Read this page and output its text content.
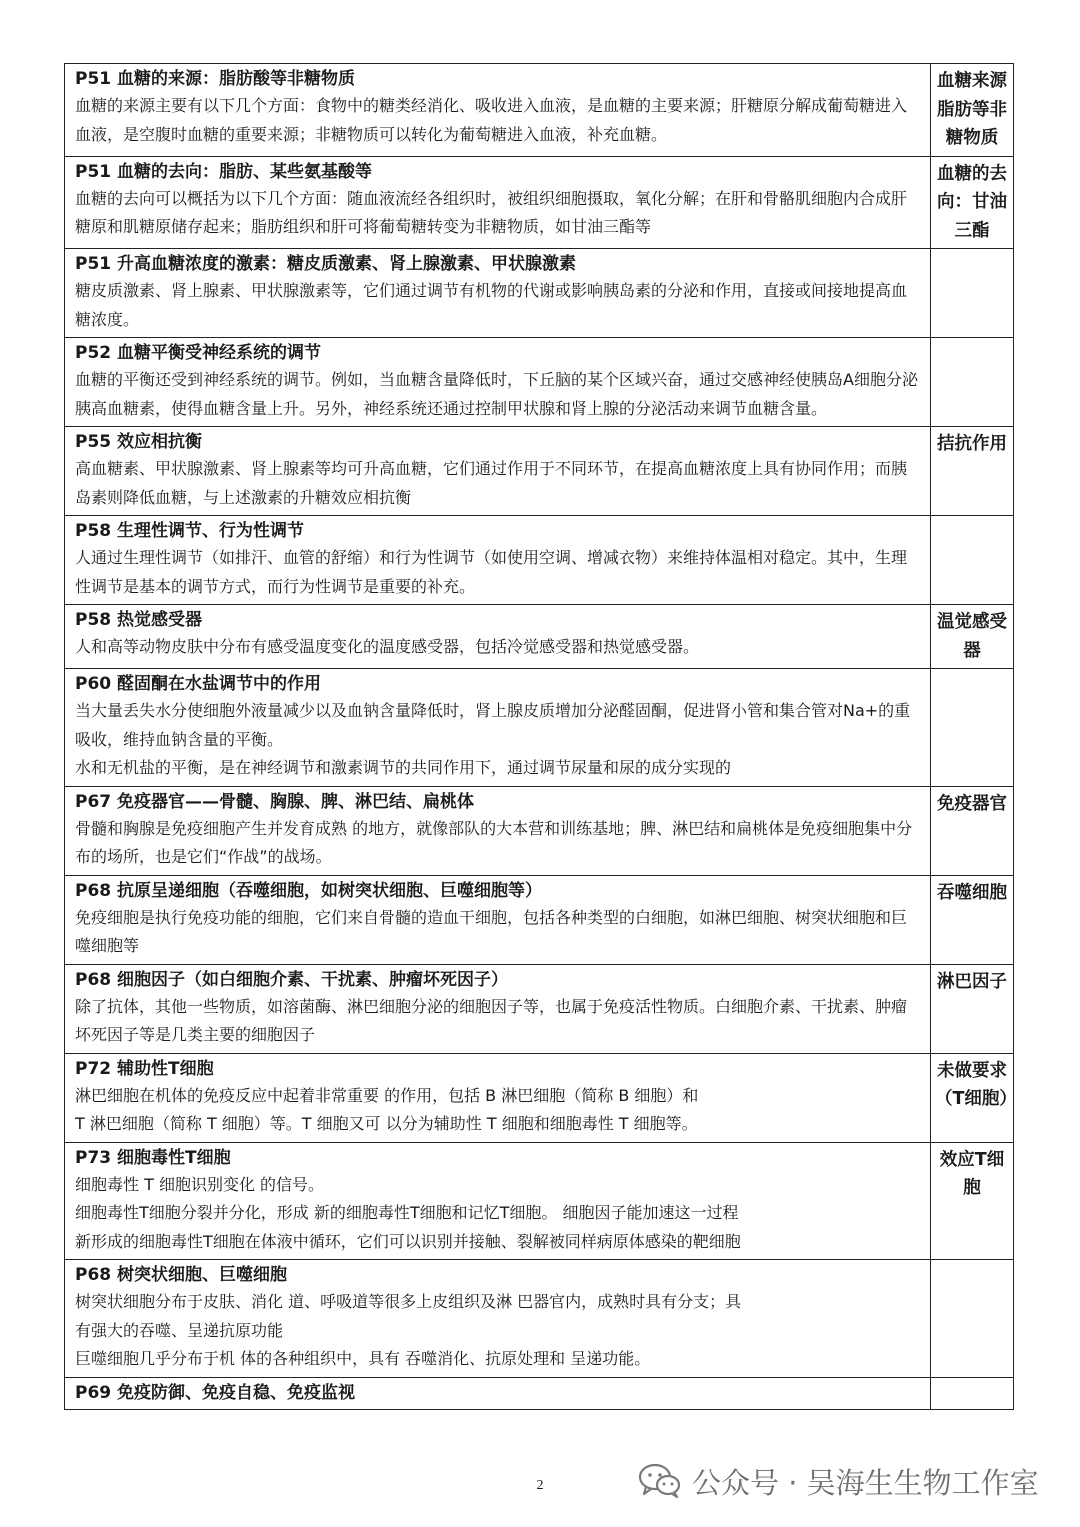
P51 血糖的来源：脂肪酸等非糖物质

血糖的来源主要有以下几个方面：食物中的糖类经消化、吸收进入血液，是血糖的主要来源；肝糖原分解成葡萄糖进入血液，是空腹时血糖的重要来源；非糖物质可以转化为葡萄糖进入血液，补充血糖。	血糖来源脂肪等非糖物质

P51 血糖的去向：脂肪、某些氨基酸等

血糖的去向可以概括为以下几个方面：随血液流经各组织时，被组织细胞摄取，氧化分解；在肝和骨骼肌细胞内合成肝糖原和肌糖原储存起来；脂肪组织和肝可将葡萄糖转变为非糖物质，如甘油三酯等	血糖的去向：甘油三酯

P51 升高血糖浓度的激素：糖皮质激素、肾上腺激素、甲状腺激素

糖皮质激素、肾上腺素、甲状腺激素等，它们通过调节有机物的代谢或影响胰岛素的分泌和作用，直接或间接地提高血糖浓度。	

P52 血糖平衡受神经系统的调节

血糖的平衡还受到神经系统的调节。例如，当血糖含量降低时，下丘脑的某个区域兴奋，通过交感神经使胰岛A细胞分泌胰高血糖素，使得血糖含量上升。另外，神经系统还通过控制甲状腺和肾上腺的分泌活动来调节血糖含量。	

P55 效应相抗衡

高血糖素、甲状腺激素、肾上腺素等均可升高血糖，它们通过作用于不同环节，在提高血糖浓度上具有协同作用；而胰岛素则降低血糖，与上述激素的升糖效应相抗衡	拮抗作用

P58 生理性调节、行为性调节

人通过生理性调节（如排汗、血管的舒缩）和行为性调节（如使用空调、增减衣物）来维持体温相对稳定。其中，生理性调节是基本的调节方式，而行为性调节是重要的补充。	

P58 热觉感受器

人和高等动物皮肤中分布有感受温度变化的温度感受器，包括冷觉感受器和热觉感受器。	温觉感受器

P60 醛固酮在水盐调节中的作用

当大量丢失水分使细胞外液量减少以及血钠含量降低时，肾上腺皮质增加分泌醛固酮，促进肾小管和集合管对Na+的重吸收，维持血钠含量的平衡。

水和无机盐的平衡，是在神经调节和激素调节的共同作用下，通过调节尿量和尿的成分实现的	

P67 免疫器官——骨髓、胸腺、脾、淋巴结、扁桃体

骨髓和胸腺是免疫细胞产生并发育成熟 的地方，就像部队的大本营和训练基地；脾、淋巴结和扁桃体是免疫细胞集中分布的场所，也是它们“作战”的战场。	免疫器官

P68 抗原呈递细胞（吞噬细胞，如树突状细胞、巨噬细胞等）

免疫细胞是执行免疫功能的细胞，它们来自骨髓的造血干细胞，包括各种类型的白细胞，如淋巴细胞、树突状细胞和巨噬细胞等	吞噬细胞

P68 细胞因子（如白细胞介素、干扰素、肿瘤坏死因子）

除了抗体，其他一些物质，如溶菌酶、淋巴细胞分泌的细胞因子等，也属于免疫活性物质。白细胞介素、干扰素、肿瘤坏死因子等是几类主要的细胞因子	淋巴因子

P72 辅助性T细胞

淋巴细胞在机体的免疫反应中起着非常重要 的作用，包括 B 淋巴细胞（简称 B 细胞）和

T 淋巴细胞（简称 T 细胞）等。T 细胞又可 以分为辅助性 T 细胞和细胞毒性 T 细胞等。	未做要求（T细胞）

P73 细胞毒性T细胞

细胞毒性 T 细胞识别变化 的信号。

细胞毒性T细胞分裂并分化，形成 新的细胞毒性T细胞和记忆T细胞。 细胞因子能加速这一过程

新形成的细胞毒性T细胞在体液中循环，它们可以识别并接触、裂解被同样病原体感染的靶细胞	效应T细胞

P68 树突状细胞、巨噬细胞

树突状细胞分布于皮肤、消化 道、呼吸道等很多上皮组织及淋 巴器官内，成熟时具有分支；具

有强大的吞噬、呈递抗原功能

巨噬细胞几乎分布于机 体的各种组织中，具有 吞噬消化、抗原处理和 呈递功能。	

P69 免疫防御、免疫自稳、免疫监视	

2	公众号 · 吴海生生物工作室
